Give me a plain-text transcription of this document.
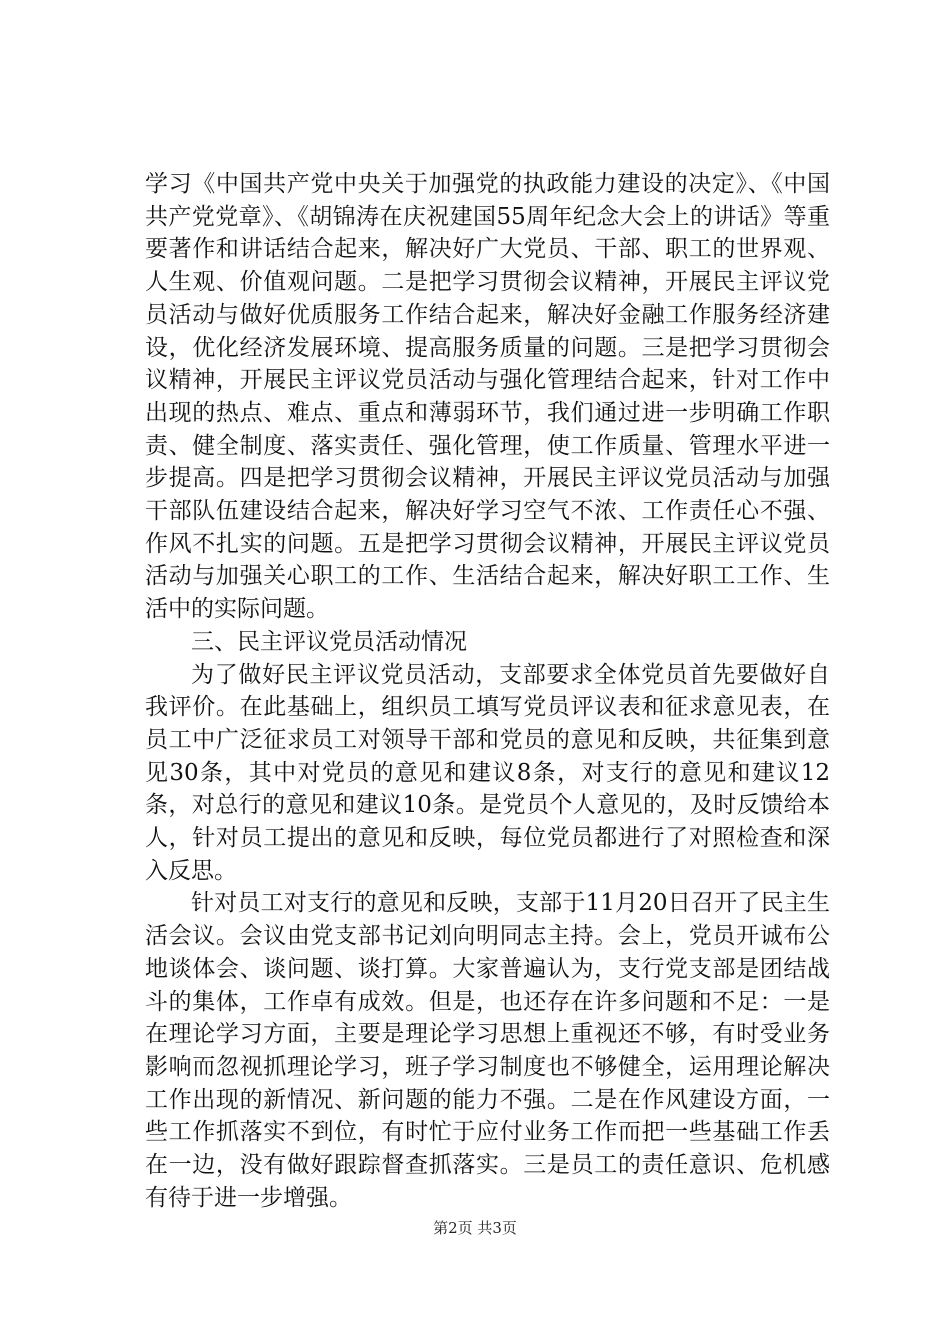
学习《中国共产党中央关于加强党的执政能力建设的决定》、《中国共产党党章》、《胡锦涛在庆祝建国55周年纪念大会上的讲话》等重要著作和讲话结合起来，解决好广大党员、干部、职工的世界观、人生观、价值观问题。二是把学习贯彻会议精神，开展民主评议党员活动与做好优质服务工作结合起来，解决好金融工作服务经济建设，优化经济发展环境、提高服务质量的问题。三是把学习贯彻会议精神，开展民主评议党员活动与强化管理结合起来，针对工作中出现的热点、难点、重点和薄弱环节，我们通过进一步明确工作职责、健全制度、落实责任、强化管理，使工作质量、管理水平进一步提高。四是把学习贯彻会议精神，开展民主评议党员活动与加强干部队伍建设结合起来，解决好学习空气不浓、工作责任心不强、作风不扎实的问题。五是把学习贯彻会议精神，开展民主评议党员活动与加强关心职工的工作、生活结合起来，解决好职工工作、生活中的实际问题。

三、民主评议党员活动情况

为了做好民主评议党员活动，支部要求全体党员首先要做好自我评价。在此基础上，组织员工填写党员评议表和征求意见表，在员工中广泛征求员工对领导干部和党员的意见和反映，共征集到意见30条，其中对党员的意见和建议8条，对支行的意见和建议12条，对总行的意见和建议10条。是党员个人意见的，及时反馈给本人，针对员工提出的意见和反映，每位党员都进行了对照检查和深入反思。

针对员工对支行的意见和反映，支部于11月20日召开了民主生活会议。会议由党支部书记刘向明同志主持。会上，党员开诚布公地谈体会、谈问题、谈打算。大家普遍认为，支行党支部是团结战斗的集体，工作卓有成效。但是，也还存在许多问题和不足：一是在理论学习方面，主要是理论学习思想上重视还不够，有时受业务影响而忽视抓理论学习，班子学习制度也不够健全，运用理论解决工作出现的新情况、新问题的能力不强。二是在作风建设方面，一些工作抓落实不到位，有时忙于应付业务工作而把一些基础工作丢在一边，没有做好跟踪督查抓落实。三是员工的责任意识、危机感有待于进一步增强。

第2页 共3页
